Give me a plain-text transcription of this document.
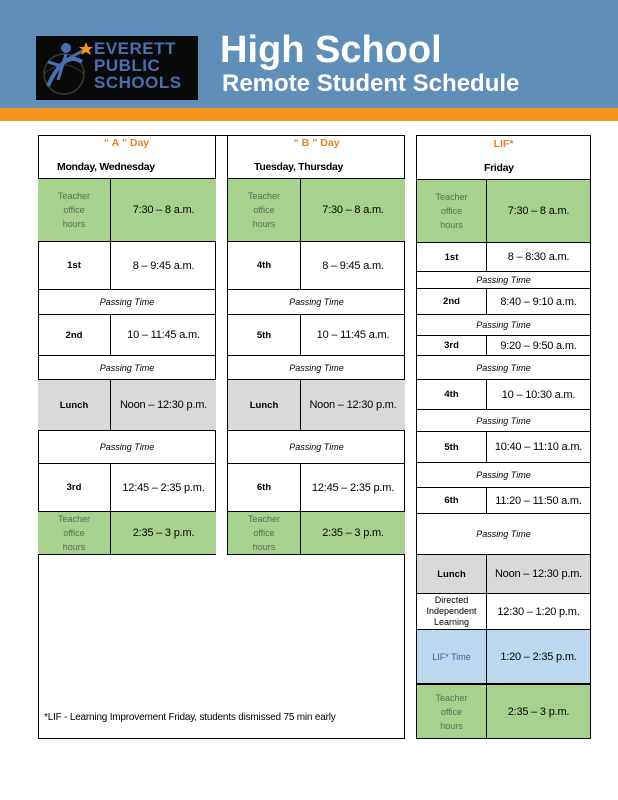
EVERETT
PUBLIC
SCHOOLS
High School
Remote Student Schedule
“ A ” Day
Monday, Wednesday
Teacher
office
hours
7:30 – 8 a.m.
1st	8 – 9:45 a.m.
Passing Time
2nd	10 – 11:45 a.m.
Passing Time
Lunch	Noon – 12:30 p.m.
Passing Time
3rd	12:45 – 2:35 p.m.
Teacher
office
hours
2:35 – 3 p.m.
“ B ” Day
Tuesday, Thursday
Teacher
office
hours
7:30 – 8 a.m.
4th	8 – 9:45 a.m.
Passing Time
5th	10 – 11:45 a.m.
Passing Time
Lunch	Noon – 12:30 p.m.
Passing Time
6th	12:45 – 2:35 p.m.
Teacher
office
hours
2:35 – 3 p.m.
*LIF - Learning Improvement Friday, students dismissed 75 min early
LIF*
Friday
Teacher
office
hours
7:30 – 8 a.m.
1st	8 – 8:30 a.m.
Passing Time
2nd	8:40 – 9:10 a.m.
Passing Time
3rd	9:20 – 9:50 a.m.
Passing Time
4th	10 – 10:30 a.m.
Passing Time
5th	10:40 – 11:10 a.m.
Passing Time
6th	11:20 – 11:50 a.m.
Passing Time
Lunch	Noon – 12:30 p.m.
Directed
Independent
Learning
12:30 – 1:20 p.m.
LIF* Time	1:20 – 2:35 p.m.
Teacher
office
hours
2:35 – 3 p.m.
